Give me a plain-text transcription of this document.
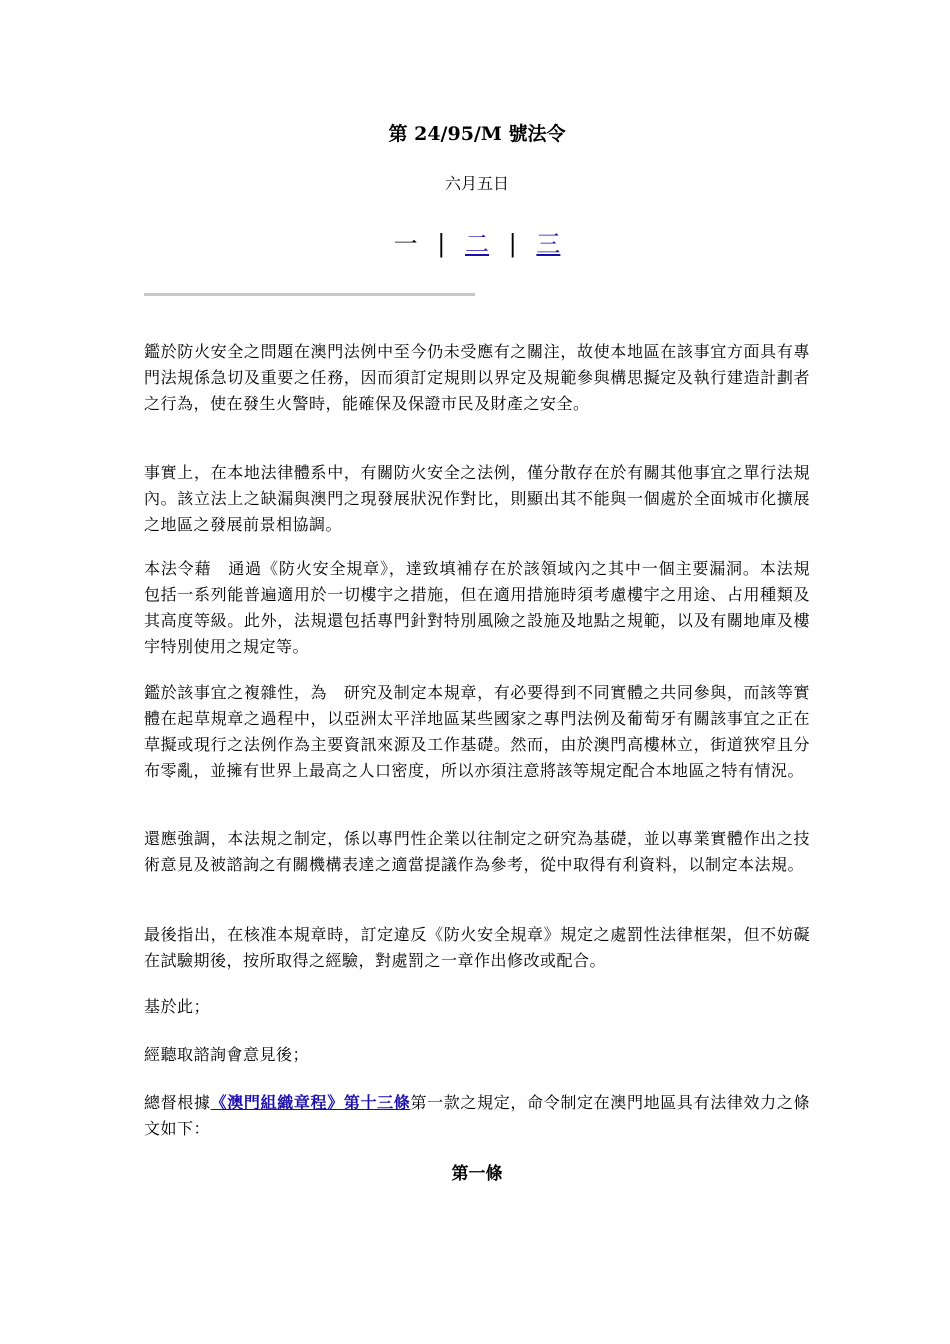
第 24/95/M 號法令
六月五日
一 | 二 | 三

鑑於防火安全之問題在澳門法例中至今仍未受應有之關注，故使本地區在該事宜方面具有專門法規係急切及重要之任務，因而須訂定規則以界定及規範參與構思擬定及執行建造計劃者之行為，使在發生火警時，能確保及保證市民及財產之安全。

事實上，在本地法律體系中，有關防火安全之法例，僅分散存在於有關其他事宜之單行法規內。該立法上之缺漏與澳門之現發展狀況作對比，則顯出其不能與一個處於全面城市化擴展之地區之發展前景相協調。

本法令藉　通過《防火安全規章》，達致填補存在於該領域內之其中一個主要漏洞。本法規包括一系列能普遍適用於一切樓宇之措施，但在適用措施時須考慮樓宇之用途、占用種類及其高度等級。此外，法規還包括專門針對特別風險之設施及地點之規範，以及有關地庫及樓宇特別使用之規定等。

鑑於該事宜之複雜性，為　研究及制定本規章，有必要得到不同實體之共同參與，而該等實體在起草規章之過程中，以亞洲太平洋地區某些國家之專門法例及葡萄牙有關該事宜之正在草擬或現行之法例作為主要資訊來源及工作基礎。然而，由於澳門高樓林立，街道狹窄且分布零亂，並擁有世界上最高之人口密度，所以亦須注意將該等規定配合本地區之特有情況。

還應強調，本法規之制定，係以專門性企業以往制定之研究為基礎，並以專業實體作出之技術意見及被諮詢之有關機構表達之適當提議作為參考，從中取得有利資料，以制定本法規。

最後指出，在核准本規章時，訂定違反《防火安全規章》規定之處罰性法律框架，但不妨礙在試驗期後，按所取得之經驗，對處罰之一章作出修改或配合。

基於此；

經聽取諮詢會意見後；

總督根據《澳門組織章程》第十三條第一款之規定，命令制定在澳門地區具有法律效力之條文如下：

第一條
